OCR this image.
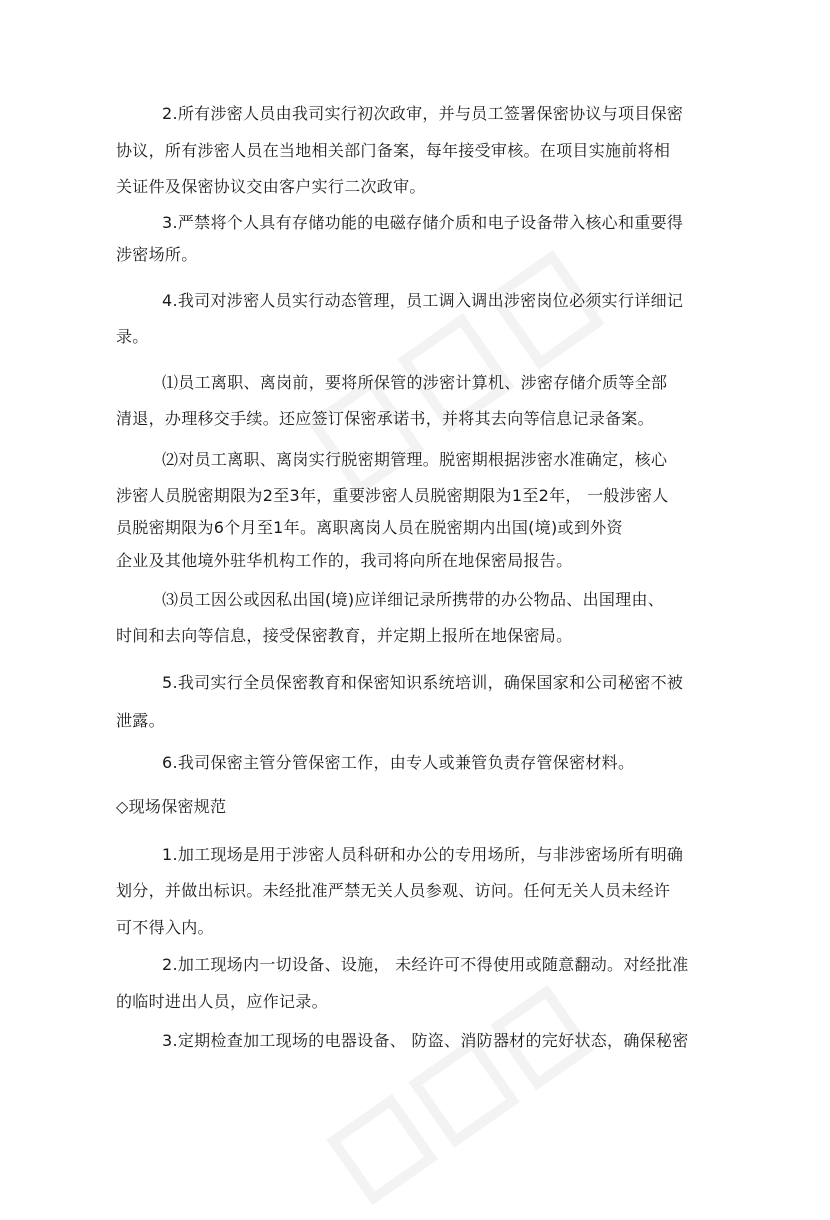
2.所有涉密人员由我司实行初次政审，并与员工签署保密协议与项目保密
协议，所有涉密人员在当地相关部门备案，每年接受审核。在项目实施前将相
关证件及保密协议交由客户实行二次政审。
3.严禁将个人具有存储功能的电磁存储介质和电子设备带入核心和重要得
涉密场所。
4.我司对涉密人员实行动态管理，员工调入调出涉密岗位必须实行详细记
录。
⑴员工离职、离岗前，要将所保管的涉密计算机、涉密存储介质等全部
清退，办理移交手续。还应签订保密承诺书，并将其去向等信息记录备案。
⑵对员工离职、离岗实行脱密期管理。脱密期根据涉密水准确定，核心
涉密人员脱密期限为2至3年，重要涉密人员脱密期限为1至2年， 一般涉密人
员脱密期限为6个月至1年。离职离岗人员在脱密期内出国(境)或到外资
企业及其他境外驻华机构工作的，我司将向所在地保密局报告。
⑶员工因公或因私出国(境)应详细记录所携带的办公物品、出国理由、
时间和去向等信息，接受保密教育，并定期上报所在地保密局。
5.我司实行全员保密教育和保密知识系统培训，确保国家和公司秘密不被
泄露。
6.我司保密主管分管保密工作，由专人或兼管负责存管保密材料。
◇现场保密规范
1.加工现场是用于涉密人员科研和办公的专用场所，与非涉密场所有明确
划分，并做出标识。未经批准严禁无关人员参观、访问。任何无关人员未经许
可不得入内。
2.加工现场内一切设备、设施， 未经许可不得使用或随意翻动。对经批准
的临时进出人员，应作记录。
3.定期检查加工现场的电器设备、 防盗、消防器材的完好状态，确保秘密
